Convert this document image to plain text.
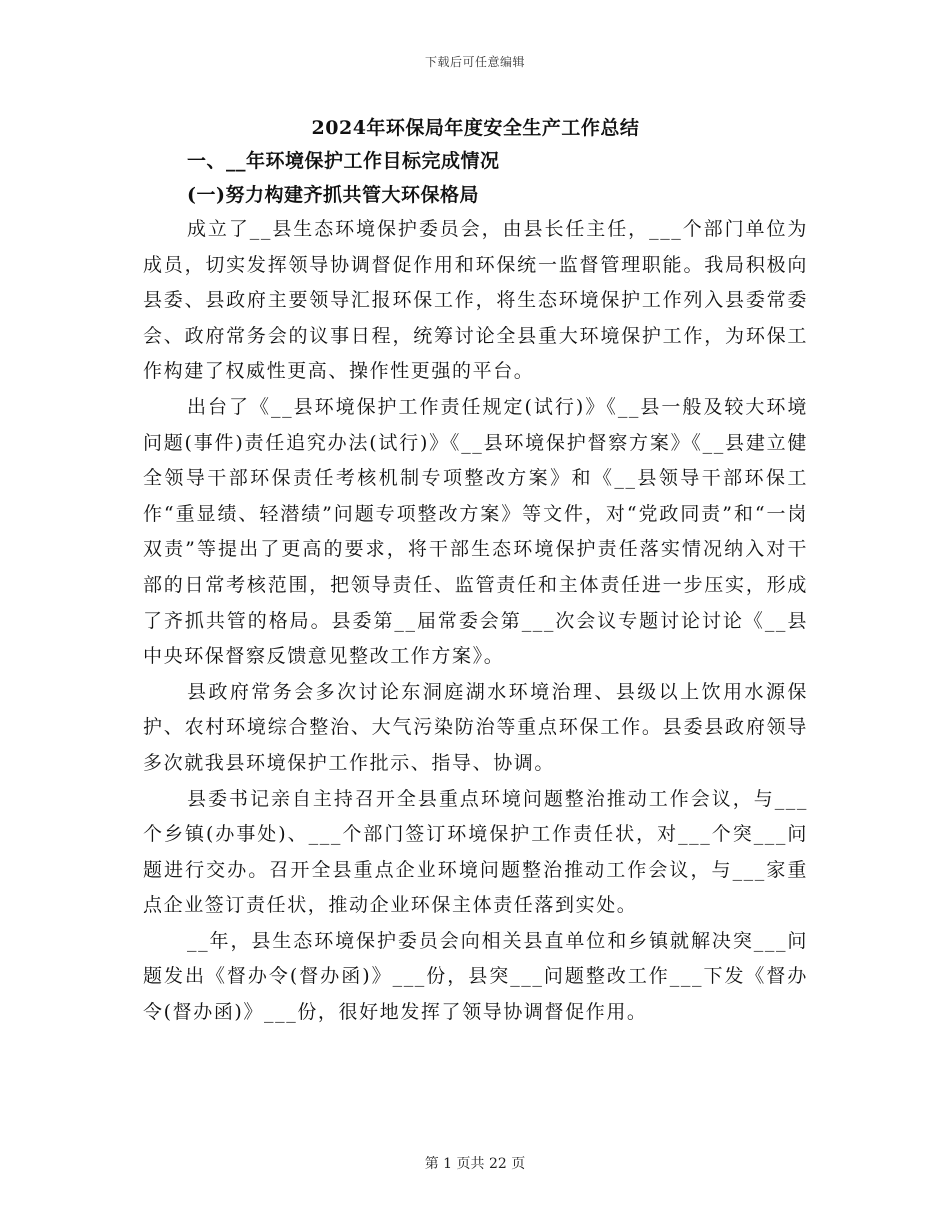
下载后可任意编辑
2024年环保局年度安全生产工作总结
一、__年环境保护工作目标完成情况
(一)努力构建齐抓共管大环保格局

成立了__县生态环境保护委员会，由县长任主任，___个部门单位为成员，切实发挥领导协调督促作用和环保统一监督管理职能。我局积极向县委、县政府主要领导汇报环保工作，将生态环境保护工作列入县委常委会、政府常务会的议事日程，统筹讨论全县重大环境保护工作，为环保工作构建了权威性更高、操作性更强的平台。

出台了《__县环境保护工作责任规定(试行)》《__县一般及较大环境问题(事件)责任追究办法(试行)》《__县环境保护督察方案》《__县建立健全领导干部环保责任考核机制专项整改方案》和《__县领导干部环保工作“重显绩、轻潜绩”问题专项整改方案》等文件，对“党政同责”和“一岗双责”等提出了更高的要求，将干部生态环境保护责任落实情况纳入对干部的日常考核范围，把领导责任、监管责任和主体责任进一步压实，形成了齐抓共管的格局。县委第__届常委会第___次会议专题讨论讨论《__县中央环保督察反馈意见整改工作方案》。

县政府常务会多次讨论东洞庭湖水环境治理、县级以上饮用水源保护、农村环境综合整治、大气污染防治等重点环保工作。县委县政府领导多次就我县环境保护工作批示、指导、协调。

县委书记亲自主持召开全县重点环境问题整治推动工作会议，与___个乡镇(办事处)、___个部门签订环境保护工作责任状，对___个突___问题进行交办。召开全县重点企业环境问题整治推动工作会议，与___家重点企业签订责任状，推动企业环保主体责任落到实处。

__年，县生态环境保护委员会向相关县直单位和乡镇就解决突___问题发出《督办令(督办函)》___份，县突___问题整改工作___下发《督办令(督办函)》___份，很好地发挥了领导协调督促作用。

第 1 页共 22 页
